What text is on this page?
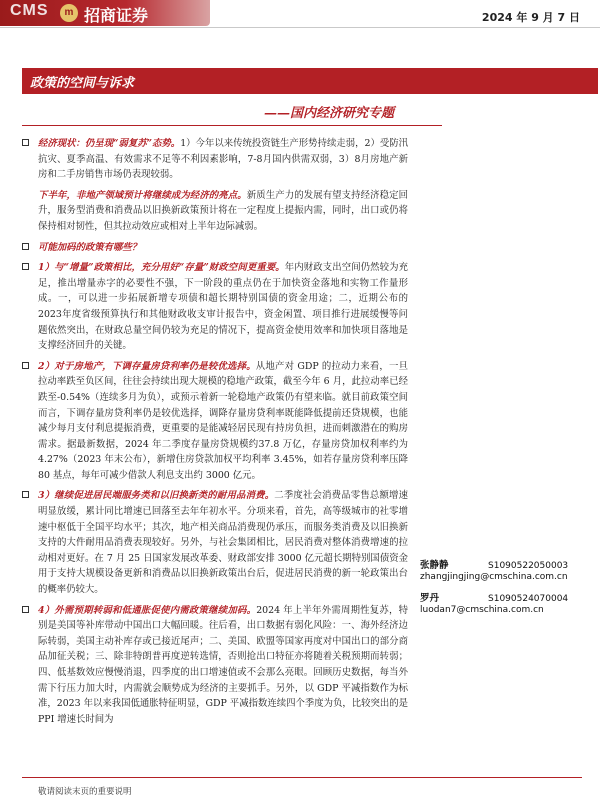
CMS	m 招商证券	2024 年 9 月 7 日
政策的空间与诉求
——国内经济研究专题
经济现状：仍呈现“弱复苏”态势。1）今年以来传统投资链生产形势持续走弱，2）受防汛抗灾、夏季高温、有效需求不足等不利因素影响，7-8月国内供需双弱，3）8月房地产新房和二手房销售市场仍表现较弱。
下半年，非地产领域预计将继续成为经济的亮点。新质生产力的发展有望支持经济稳定回升，服务型消费和消费品以旧换新政策预计将在一定程度上提振内需，同时，出口或仍将保持相对韧性，但其拉动效应或相对上半年边际减弱。
可能加码的政策有哪些？
1）与“增量”政策相比，充分用好“存量”财政空间更重要。年内财政支出空间仍然较为充足，推出增量赤字的必要性不强，下一阶段的重点仍在于加快资金落地和实物工作量形成。一，可以进一步拓展新增专项债和超长期特别国债的资金用途；二，近期公布的2023年度省级预算执行和其他财政收支审计报告中，资金闲置、项目推行进展缓慢等问题依然突出，在财政总量空间仍较为充足的情况下，提高资金使用效率和加快项目落地是支撑经济回升的关键。
2）对于房地产，下调存量房贷利率仍是较优选择。从地产对 GDP 的拉动力来看，一旦拉动率跌至负区间，往往会持续出现大规模的稳地产政策，截至今年 6 月，此拉动率已经跌至-0.54%（连续多月为负），或预示着新一轮稳地产政策仍有望来临。就目前政策空间而言，下调存量房贷利率仍是较优选择，调降存量房贷利率既能降低提前还贷规模，也能减少每月支付利息提振消费，更重要的是能减轻居民现有持房负担，进而刺激潜在的购房需求。据最新数据，2024 年二季度存量房贷规模约37.8 万亿，存量房贷加权利率约为 4.27%（2023 年末公布），新增住房贷款加权平均利率 3.45%，如若存量房贷利率压降 80 基点，每年可减少借款人利息支出约 3000 亿元。
3）继续促进居民端服务类和以旧换新类的耐用品消费。二季度社会消费品零售总额增速明显放缓，累计同比增速已回落至去年年初水平。分项来看，首先，高等级城市的社零增速中枢低于全国平均水平；其次，地产相关商品消费现仍承压，而服务类消费及以旧换新支持的大件耐用品消费表现较好。另外，与社会集团相比，居民消费对整体消费增速的拉动相对更好。在 7 月 25 日国家发展改革委、财政部安排 3000 亿元超长期特别国债资金用于支持大规模设备更新和消费品以旧换新政策出台后，促进居民消费的新一轮政策出台的概率仍较大。
4）外需预期转弱和低通胀促使内需政策继续加码。2024 年上半年外需周期性复苏，特别是美国等补库带动中国出口大幅回暖。往后看，出口数据有弱化风险：一、海外经济边际转弱，美国主动补库存或已接近尾声；二、美国、欧盟等国家再度对中国出口的部分商品加征关税；三、除非特朗普再度逆转选情，否则抢出口特征亦将随着关税预期而转弱；四、低基数效应慢慢消退，四季度的出口增速值或不会那么亮眼。回顾历史数据，每当外需下行压力加大时，内需就会顺势成为经济的主要抓手。另外，以 GDP 平减指数作为标准，2023 年以来我国低通胀特征明显，GDP 平减指数连续四个季度为负，比较突出的是 PPI 增速长时间为
张静静	S1090522050003
zhangjingjing@cmschina.com.cn
罗丹	S1090524070004
luodan7@cmschina.com.cn
敬请阅读末页的重要说明
